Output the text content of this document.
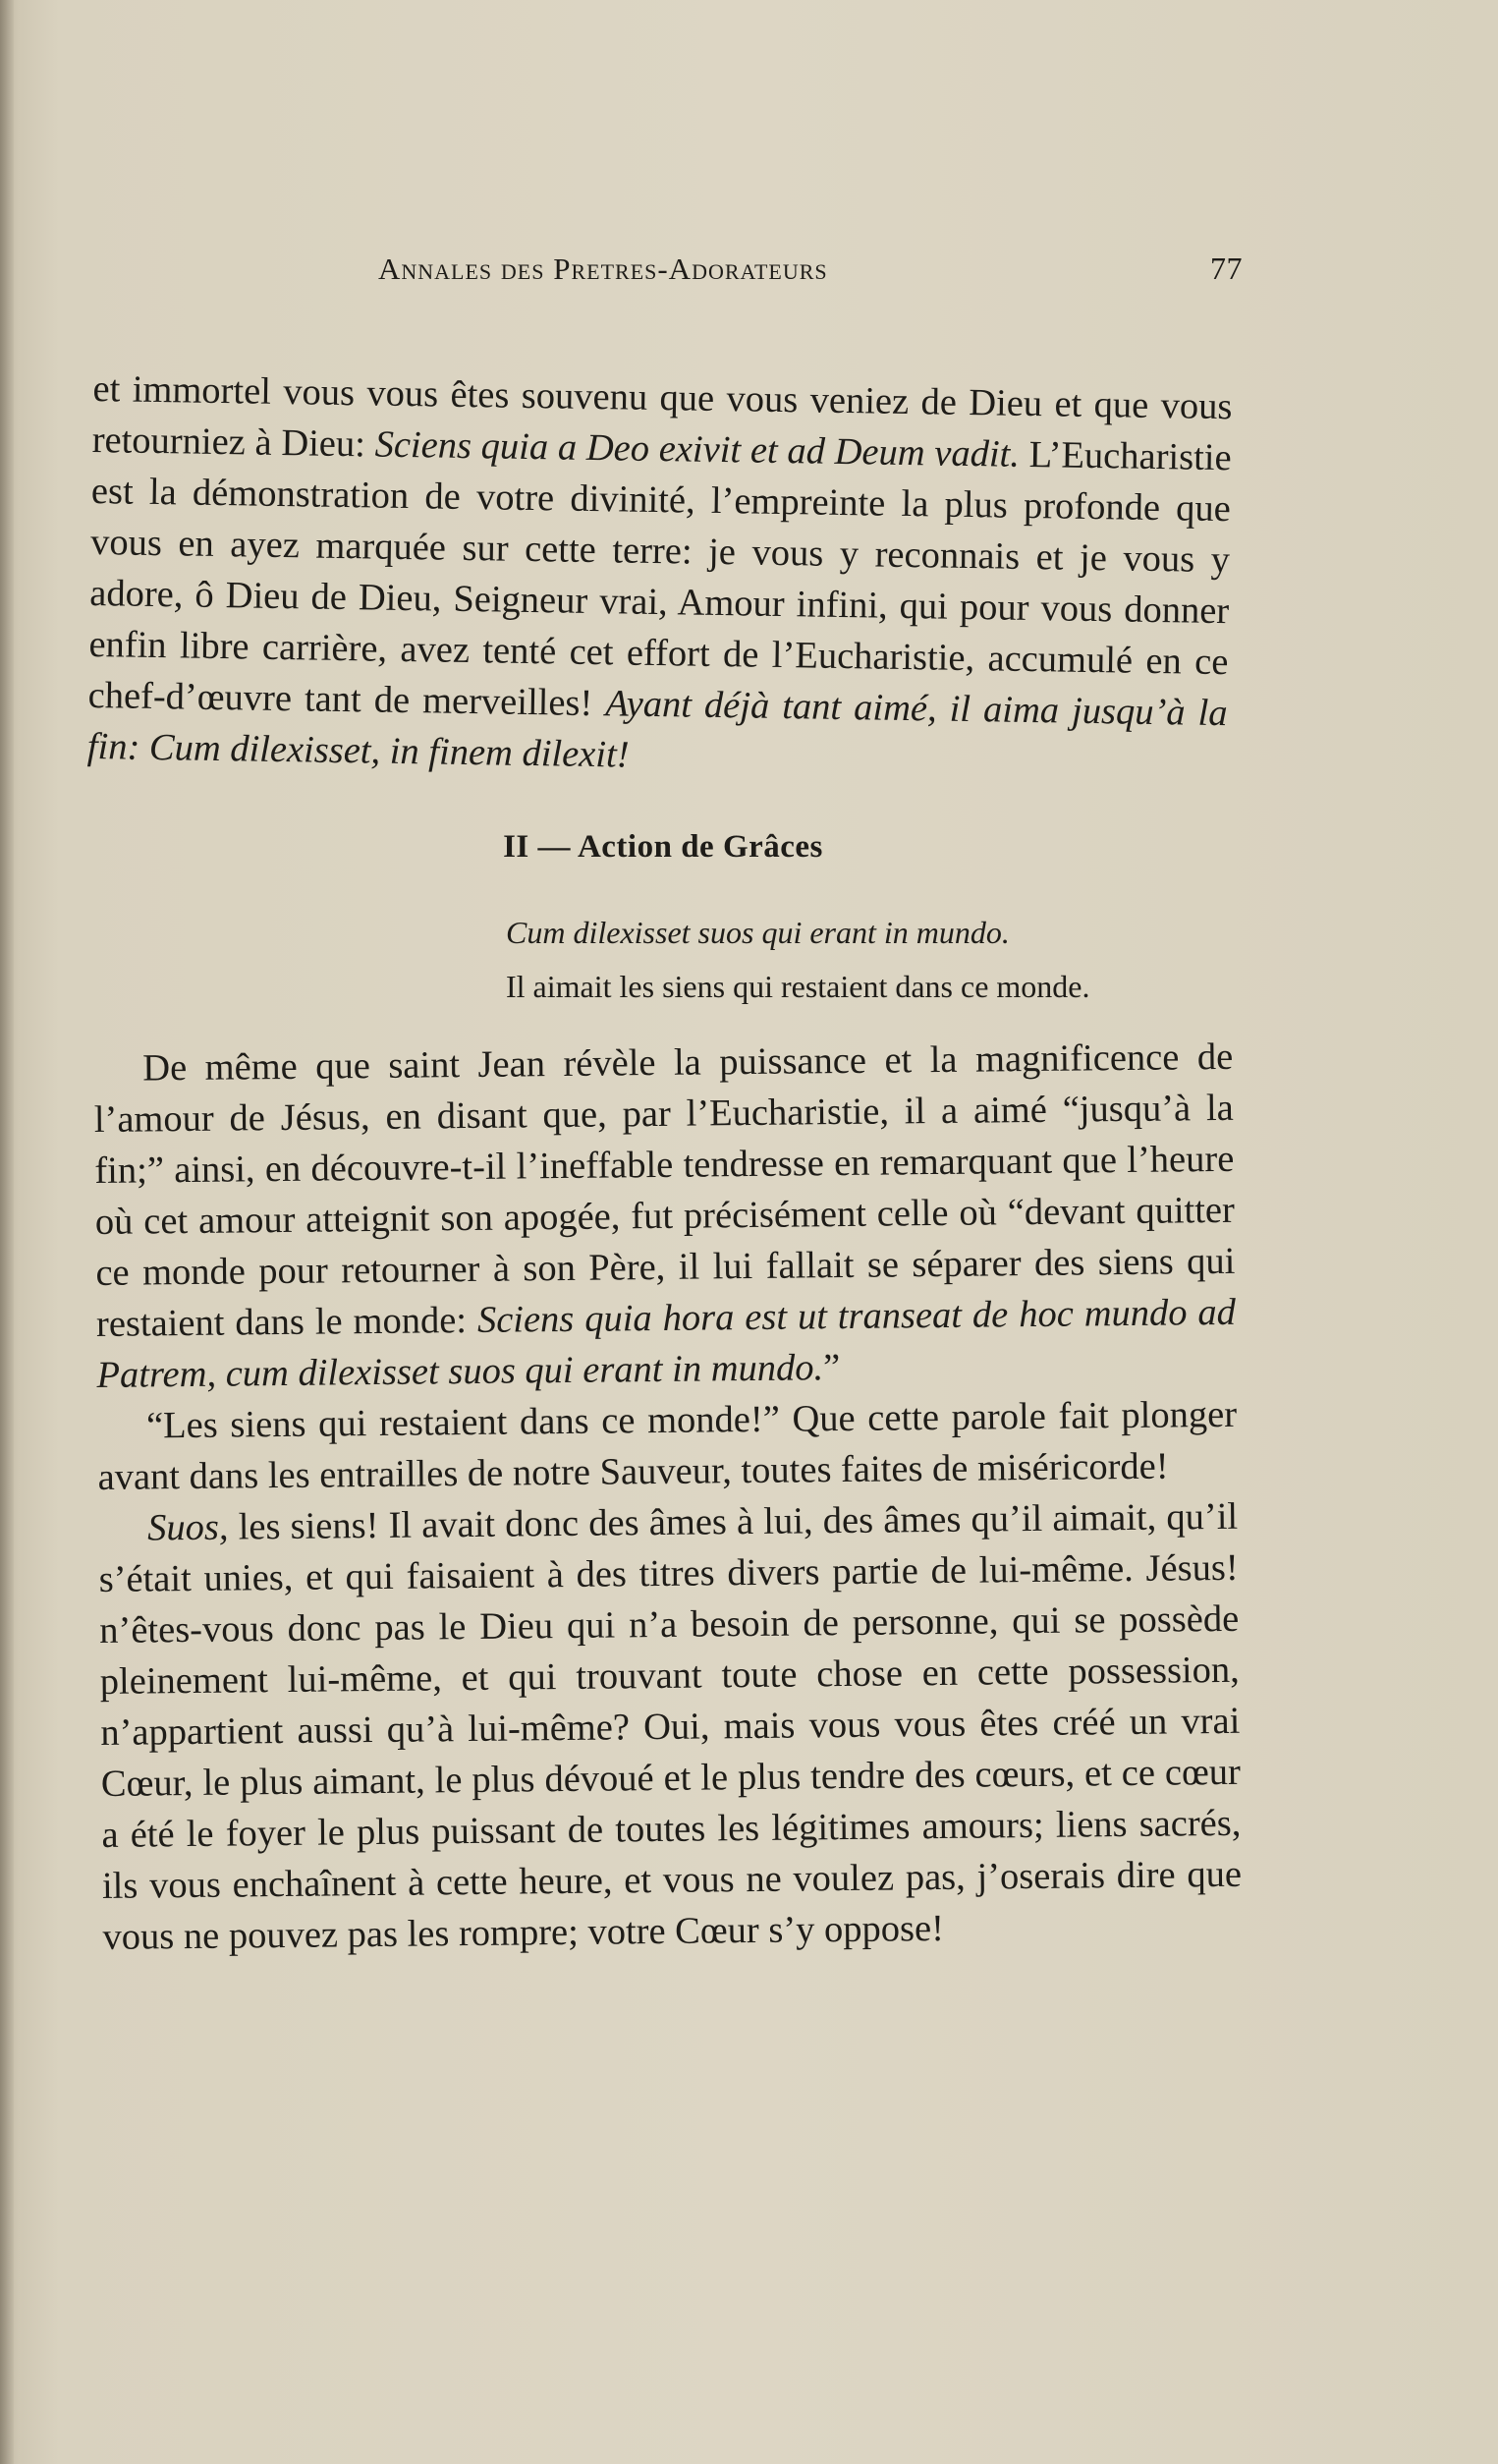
Annales des Pretres-Adorateurs	77

et immortel vous vous êtes souvenu que vous veniez de Dieu et que vous retourniez à Dieu: Sciens quia a Deo exivit et ad Deum vadit. L’Eucharistie est la démonstration de votre divinité, l’empreinte la plus profonde que vous en ayez marquée sur cette terre: je vous y reconnais et je vous y adore, ô Dieu de Dieu, Seigneur vrai, Amour infini, qui pour vous donner enfin libre carrière, avez tenté cet effort de l’Eucharistie, accumulé en ce chef-d’œuvre tant de merveilles! Ayant déjà tant aimé, il aima jusqu’à la fin: Cum dilexisset, in finem dilexit!

II — Action de Grâces
Cum dilexisset suos qui erant in mundo.
Il aimait les siens qui restaient dans ce monde.

De même que saint Jean révèle la puissance et la magnificence de l’amour de Jésus, en disant que, par l’Eucharistie, il a aimé “jusqu’à la fin;” ainsi, en découvre-t-il l’ineffable tendresse en remarquant que l’heure où cet amour atteignit son apogée, fut précisément celle où “devant quitter ce monde pour retourner à son Père, il lui fallait se séparer des siens qui restaient dans le monde: Sciens quia hora est ut transeat de hoc mundo ad Patrem, cum dilexisset suos qui erant in mundo.”

“Les siens qui restaient dans ce monde!” Que cette parole fait plonger avant dans les entrailles de notre Sauveur, toutes faites de miséricorde!

Suos, les siens! Il avait donc des âmes à lui, des âmes qu’il aimait, qu’il s’était unies, et qui faisaient à des titres divers partie de lui-même. Jésus! n’êtes-vous donc pas le Dieu qui n’a besoin de personne, qui se possède pleinement lui-même, et qui trouvant toute chose en cette possession, n’appartient aussi qu’à lui-même? Oui, mais vous vous êtes créé un vrai Cœur, le plus aimant, le plus dévoué et le plus tendre des cœurs, et ce cœur a été le foyer le plus puissant de toutes les légitimes amours; liens sacrés, ils vous enchaînent à cette heure, et vous ne voulez pas, j’oserais dire que vous ne pouvez pas les rompre; votre Cœur s’y oppose!
